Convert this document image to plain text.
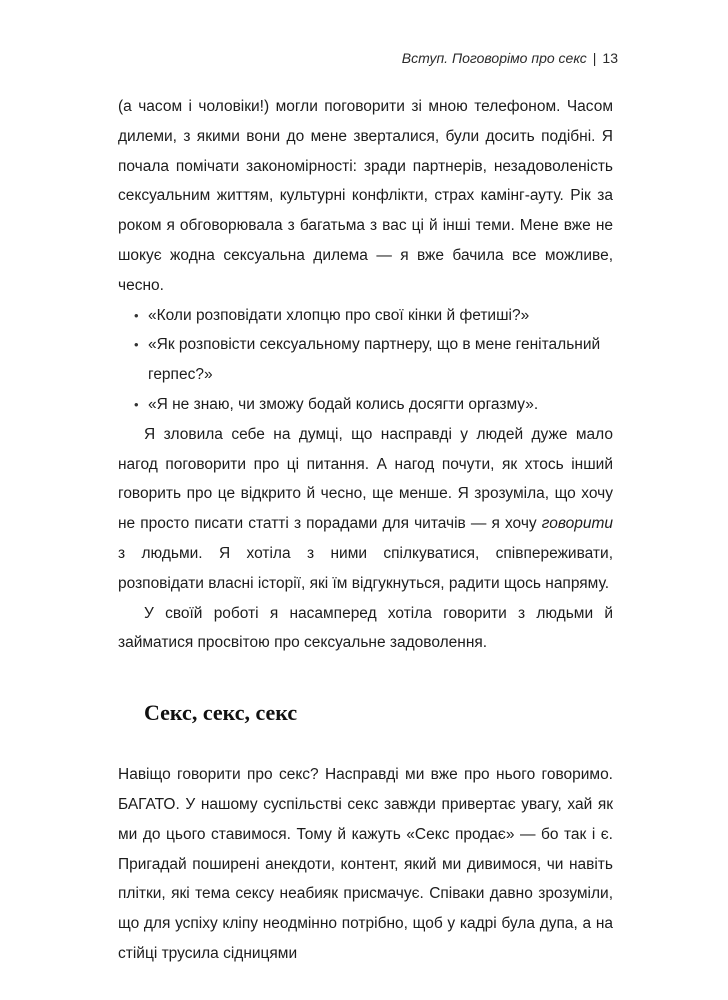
Вступ. Поговорімо про секс | 13

(а часом і чоловіки!) могли поговорити зі мною телефоном. Часом дилеми, з якими вони до мене зверталися, були досить подібні. Я почала помічати закономірності: зради партнерів, незадоволеність сексуальним життям, культурні конфлікти, страх камінг-ауту. Рік за роком я обговорювала з багатьма з вас ці й інші теми. Мене вже не шокує жодна сексуальна дилема — я вже бачила все можливе, чесно.

• «Коли розповідати хлопцю про свої кінки й фетиші?»
• «Як розповісти сексуальному партнеру, що в мене генітальний герпес?»
• «Я не знаю, чи зможу бодай колись досягти оргазму».

Я зловила себе на думці, що насправді у людей дуже мало нагод поговорити про ці питання. А нагод почути, як хтось інший говорить про це відкрито й чесно, ще менше. Я зрозуміла, що хочу не просто писати статті з порадами для читачів — я хочу говорити з людьми. Я хотіла з ними спілкуватися, співпереживати, розповідати власні історії, які їм відгукнуться, радити щось напряму.

У своїй роботі я насамперед хотіла говорити з людьми й займатися просвітою про сексуальне задоволення.

Секс, секс, секс

Навіщо говорити про секс? Насправді ми вже про нього говоримо. БАГАТО. У нашому суспільстві секс завжди привертає увагу, хай як ми до цього ставимося. Тому й кажуть «Секс продає» — бо так і є. Пригадай поширені анекдоти, контент, який ми дивимося, чи навіть плітки, які тема сексу неабияк присмачує. Співаки давно зрозуміли, що для успіху кліпу неодмінно потрібно, щоб у кадрі була дупа, а на стійці трусила сідницями
